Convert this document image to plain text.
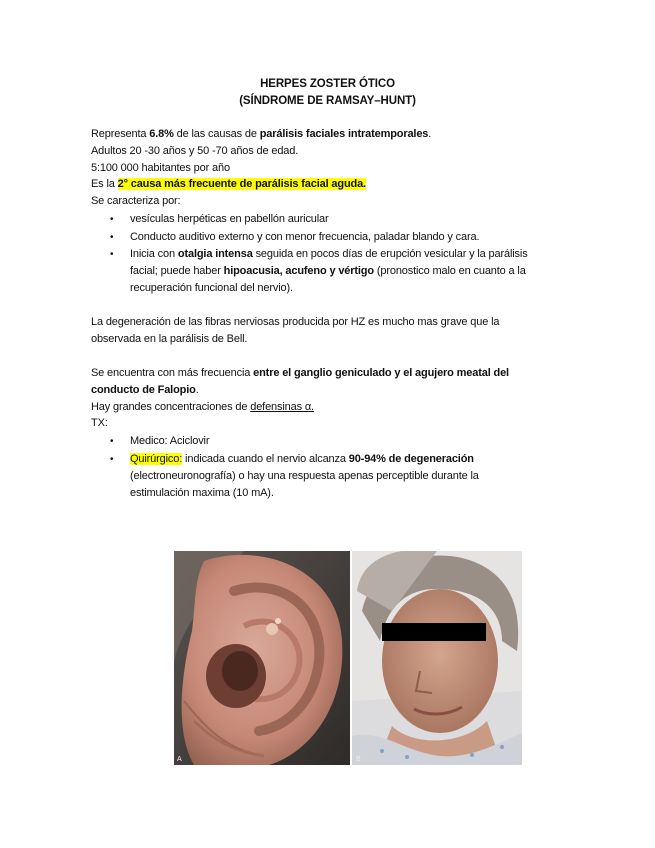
HERPES ZOSTER ÓTICO
(SÍNDROME DE RAMSAY–HUNT)
Representa 6.8% de las causas de parálisis faciales intratemporales.
Adultos 20 -30 años y 50 -70 años de edad.
5:100 000 habitantes por año
Es la 2° causa más frecuente de parálisis facial aguda.
Se caracteriza por:
• vesículas herpéticas en pabellón auricular
• Conducto auditivo externo y con menor frecuencia, paladar blando y cara.
• Inicia con otalgia intensa seguida en pocos días de erupción vesicular y la parálisis
facial; puede haber hipoacusia, acufeno y vértigo (pronostico malo en cuanto a la
recuperación funcional del nervio).
La degeneración de las fibras nerviosas producida por HZ es mucho mas grave que la
observada en la parálisis de Bell.
Se encuentra con más frecuencia entre el ganglio geniculado y el agujero meatal del
conducto de Falopio.
Hay grandes concentraciones de defensinas α.
TX:
• Medico: Aciclovir
• Quirúrgico: indicada cuando el nervio alcanza 90-94% de degeneración
(electroneuronografía) o hay una respuesta apenas perceptible durante la
estimulación maxima (10 mA).
A	B
